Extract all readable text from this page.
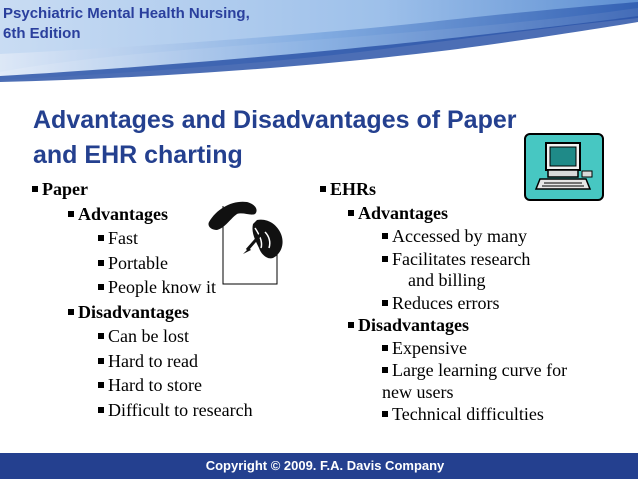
Psychiatric Mental Health Nursing,
6th Edition
Advantages and Disadvantages of Paper
and EHR charting
Paper
Advantages
Fast
Portable
People know it
Disadvantages
Can be lost
Hard to read
Hard to store
Difficult to research
EHRs
Advantages
Accessed by many
Facilitates research
and billing
Reduces errors
Disadvantages
Expensive
Large learning curve for
new users
Technical difficulties
Copyright © 2009. F.A. Davis Company
